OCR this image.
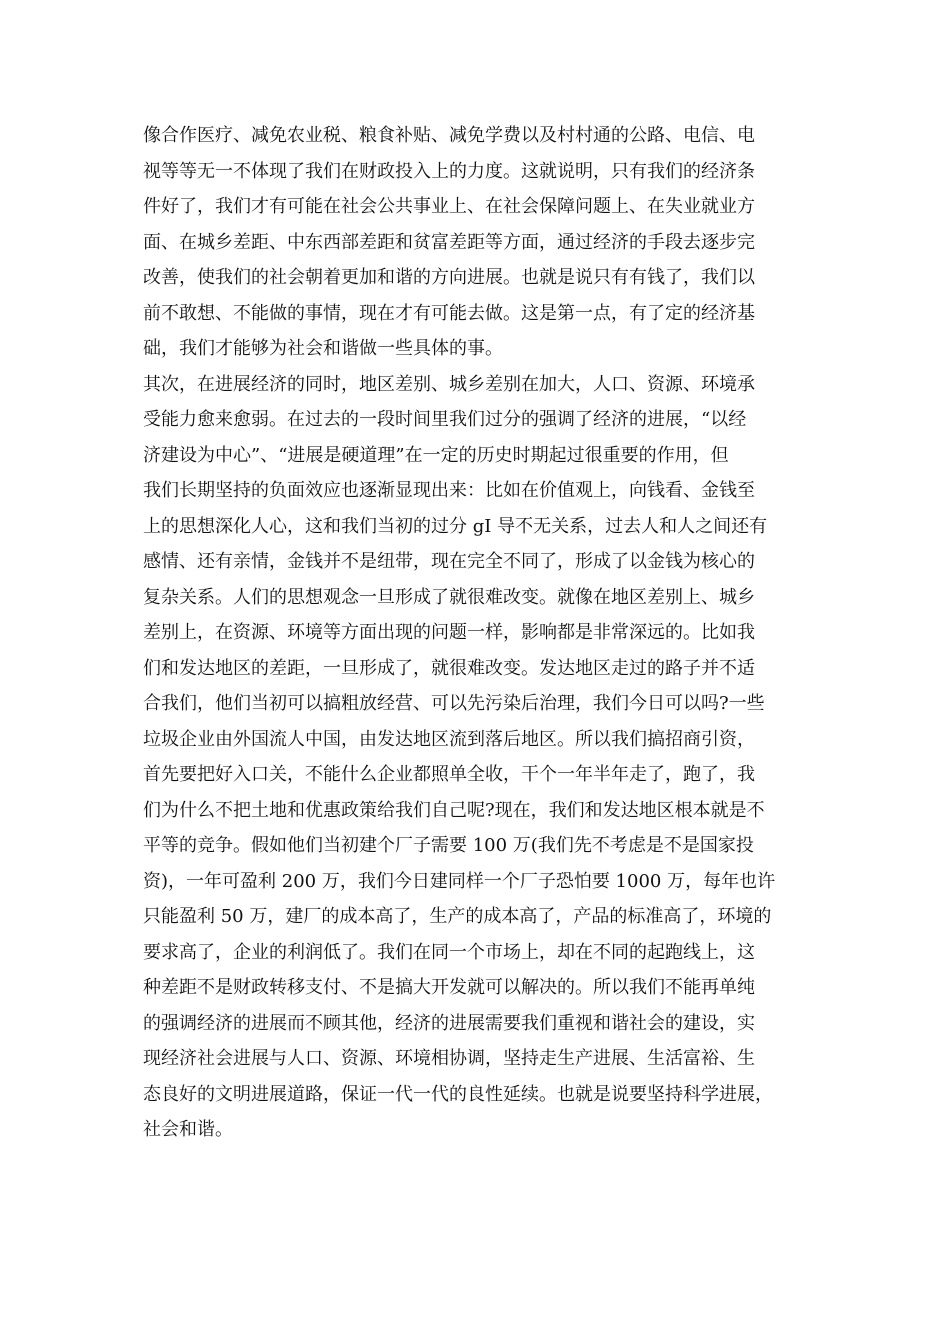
像合作医疗、减免农业税、粮食补贴、减免学费以及村村通的公路、电信、电
视等等无一不体现了我们在财政投入上的力度。这就说明，只有我们的经济条
件好了，我们才有可能在社会公共事业上、在社会保障问题上、在失业就业方
面、在城乡差距、中东西部差距和贫富差距等方面，通过经济的手段去逐步完
改善，使我们的社会朝着更加和谐的方向进展。也就是说只有有钱了，我们以
前不敢想、不能做的事情，现在才有可能去做。这是第一点，有了定的经济基
础，我们才能够为社会和谐做一些具体的事。
其次，在进展经济的同时，地区差别、城乡差别在加大，人口、资源、环境承
受能力愈来愈弱。在过去的一段时间里我们过分的强调了经济的进展，“以经
济建设为中心”、“进展是硬道理”在一定的历史时期起过很重要的作用，但
我们长期坚持的负面效应也逐渐显现出来：比如在价值观上，向钱看、金钱至
上的思想深化人心，这和我们当初的过分 gI 导不无关系，过去人和人之间还有
感情、还有亲情，金钱并不是纽带，现在完全不同了，形成了以金钱为核心的
复杂关系。人们的思想观念一旦形成了就很难改变。就像在地区差别上、城乡
差别上，在资源、环境等方面出现的问题一样，影响都是非常深远的。比如我
们和发达地区的差距，一旦形成了，就很难改变。发达地区走过的路子并不适
合我们，他们当初可以搞粗放经营、可以先污染后治理，我们今日可以吗?一些
垃圾企业由外国流人中国，由发达地区流到落后地区。所以我们搞招商引资，
首先要把好入口关，不能什么企业都照单全收，干个一年半年走了，跑了，我
们为什么不把土地和优惠政策给我们自己呢?现在，我们和发达地区根本就是不
平等的竞争。假如他们当初建个厂子需要 100 万(我们先不考虑是不是国家投
资)，一年可盈利 200 万，我们今日建同样一个厂子恐怕要 1000 万，每年也许
只能盈利 50 万，建厂的成本高了，生产的成本高了，产品的标准高了，环境的
要求高了，企业的利润低了。我们在同一个市场上，却在不同的起跑线上，这
种差距不是财政转移支付、不是搞大开发就可以解决的。所以我们不能再单纯
的强调经济的进展而不顾其他，经济的进展需要我们重视和谐社会的建设，实
现经济社会进展与人口、资源、环境相协调，坚持走生产进展、生活富裕、生
态良好的文明进展道路，保证一代一代的良性延续。也就是说要坚持科学进展，
社会和谐。
